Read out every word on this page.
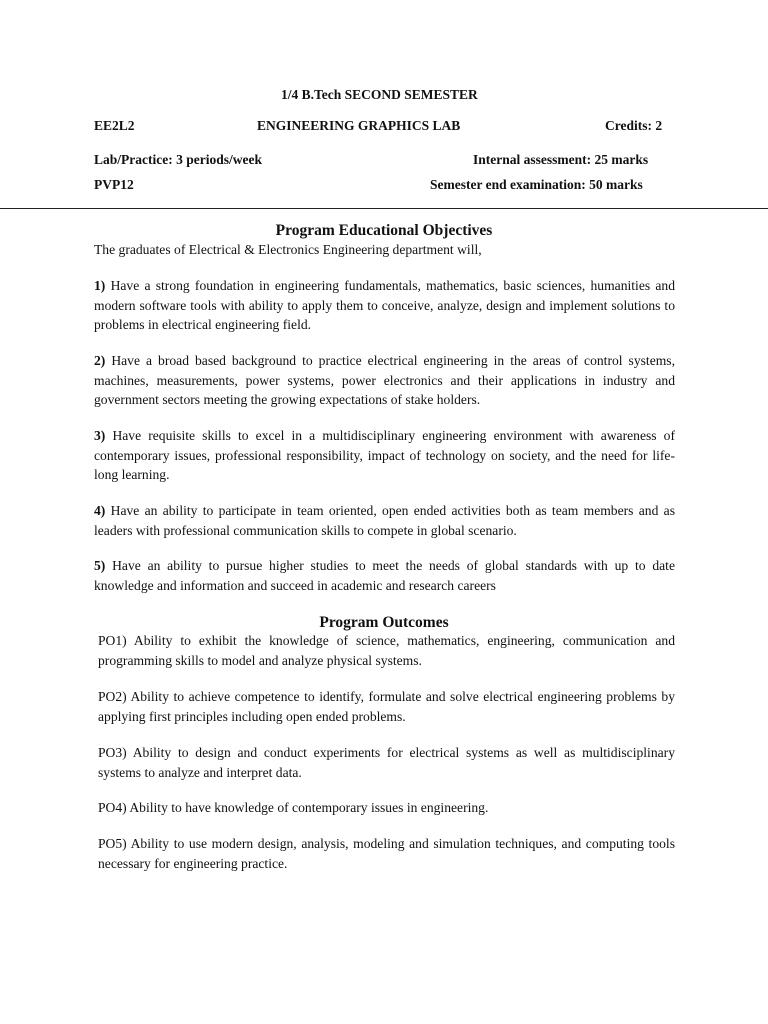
1/4 B.Tech SECOND SEMESTER
EE2L2	ENGINEERING GRAPHICS LAB	Credits: 2
Lab/Practice: 3 periods/week	Internal assessment: 25 marks
PVP12	Semester end examination: 50 marks
Program Educational Objectives
The graduates of Electrical & Electronics Engineering department will,
1) Have a strong foundation in engineering fundamentals, mathematics, basic sciences, humanities and modern software tools with ability to apply them to conceive, analyze, design and implement solutions to problems in electrical engineering field.
2) Have a broad based background to practice electrical engineering in the areas of control systems, machines, measurements, power systems, power electronics and their applications in industry and government sectors meeting the growing expectations of stake holders.
3) Have requisite skills to excel in a multidisciplinary engineering environment with awareness of contemporary issues, professional responsibility, impact of technology on society, and the need for life-long learning.
4) Have an ability to participate in team oriented, open ended activities both as team members and as leaders with professional communication skills to compete in global scenario.
5) Have an ability to pursue higher studies to meet the needs of global standards with up to date knowledge and information and succeed in academic and research careers
Program Outcomes
PO1) Ability to exhibit the knowledge of science, mathematics, engineering, communication and programming skills to model and analyze physical systems.
PO2) Ability to achieve competence to identify, formulate and solve electrical engineering problems by applying first principles including open ended problems.
PO3) Ability to design and conduct experiments for electrical systems as well as multidisciplinary systems to analyze and interpret data.
PO4) Ability to have knowledge of contemporary issues in engineering.
PO5) Ability to use modern design, analysis, modeling and simulation techniques, and computing tools necessary for engineering practice.
